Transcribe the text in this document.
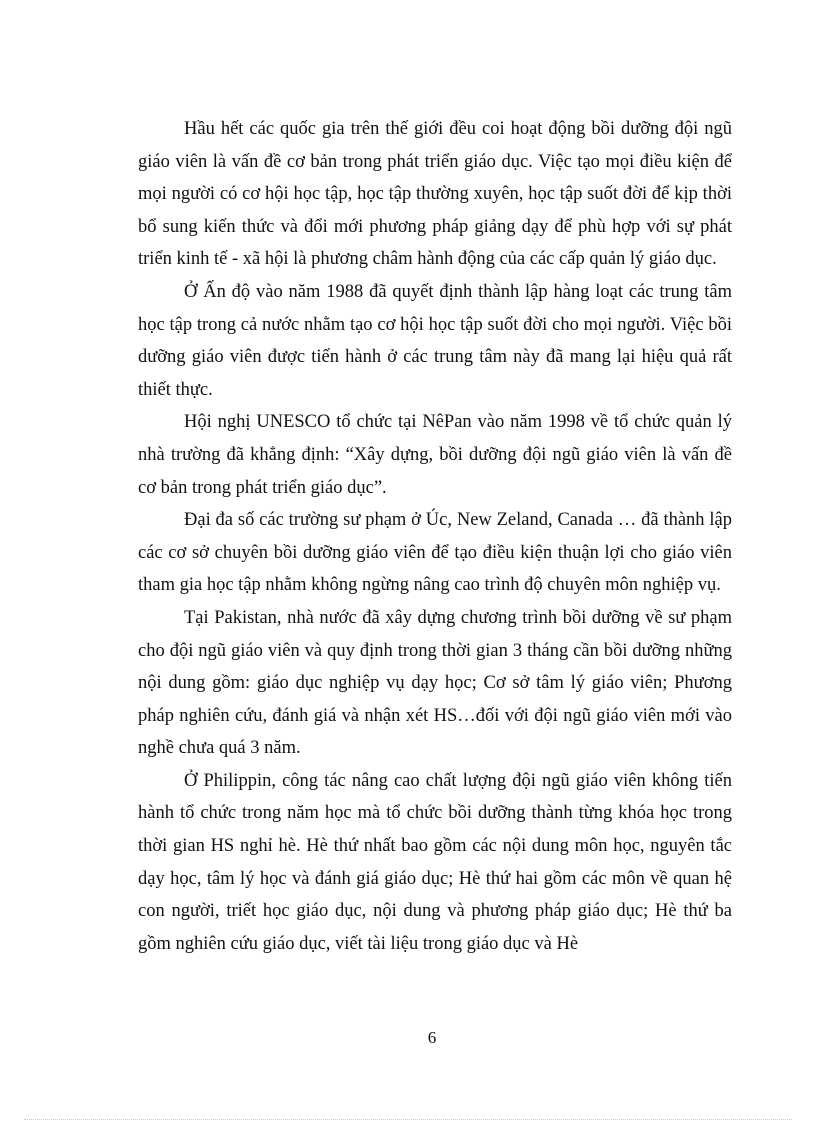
Hầu hết các quốc gia trên thế giới đều coi hoạt động bồi dưỡng đội ngũ giáo viên là vấn đề cơ bản trong phát triển giáo dục. Việc tạo mọi điều kiện để mọi người có cơ hội học tập, học tập thường xuyên, học tập suốt đời để kịp thời bổ sung kiến thức và đổi mới phương pháp giảng dạy để phù hợp với sự phát triển kinh tế - xã hội là phương châm hành động của các cấp quản lý giáo dục.

Ở Ấn độ vào năm 1988 đã quyết định thành lập hàng loạt các trung tâm học tập trong cả nước nhằm tạo cơ hội học tập suốt đời cho mọi người. Việc bồi dưỡng giáo viên được tiến hành ở các trung tâm này đã mang lại hiệu quả rất thiết thực.

Hội nghị UNESCO tổ chức tại NêPan vào năm 1998 về tổ chức quản lý nhà trường đã khẳng định: “Xây dựng, bồi dưỡng đội ngũ giáo viên là vấn đề cơ bản trong phát triển giáo dục”.

Đại đa số các trường sư phạm ở Úc, New Zeland, Canada … đã thành lập các cơ sở chuyên bồi dưỡng giáo viên để tạo điều kiện thuận lợi cho giáo viên tham gia học tập nhằm không ngừng nâng cao trình độ chuyên môn nghiệp vụ.

Tại Pakistan, nhà nước đã xây dựng chương trình bồi dưỡng về sư phạm cho đội ngũ giáo viên và quy định trong thời gian 3 tháng cần bồi dưỡng những nội dung gồm: giáo dục nghiệp vụ dạy học; Cơ sở tâm lý giáo viên; Phương pháp nghiên cứu, đánh giá và nhận xét HS…đối với đội ngũ giáo viên mới vào nghề chưa quá 3 năm.

Ở Philippin, công tác nâng cao chất lượng đội ngũ giáo viên không tiến hành tổ chức trong năm học mà tổ chức bồi dưỡng thành từng khóa học trong thời gian HS nghỉ hè. Hè thứ nhất bao gồm các nội dung môn học, nguyên tắc dạy học, tâm lý học và đánh giá giáo dục; Hè thứ hai gồm các môn về quan hệ con người, triết học giáo dục, nội dung và phương pháp giáo dục; Hè thứ ba gồm nghiên cứu giáo dục, viết tài liệu trong giáo dục và Hè

6
